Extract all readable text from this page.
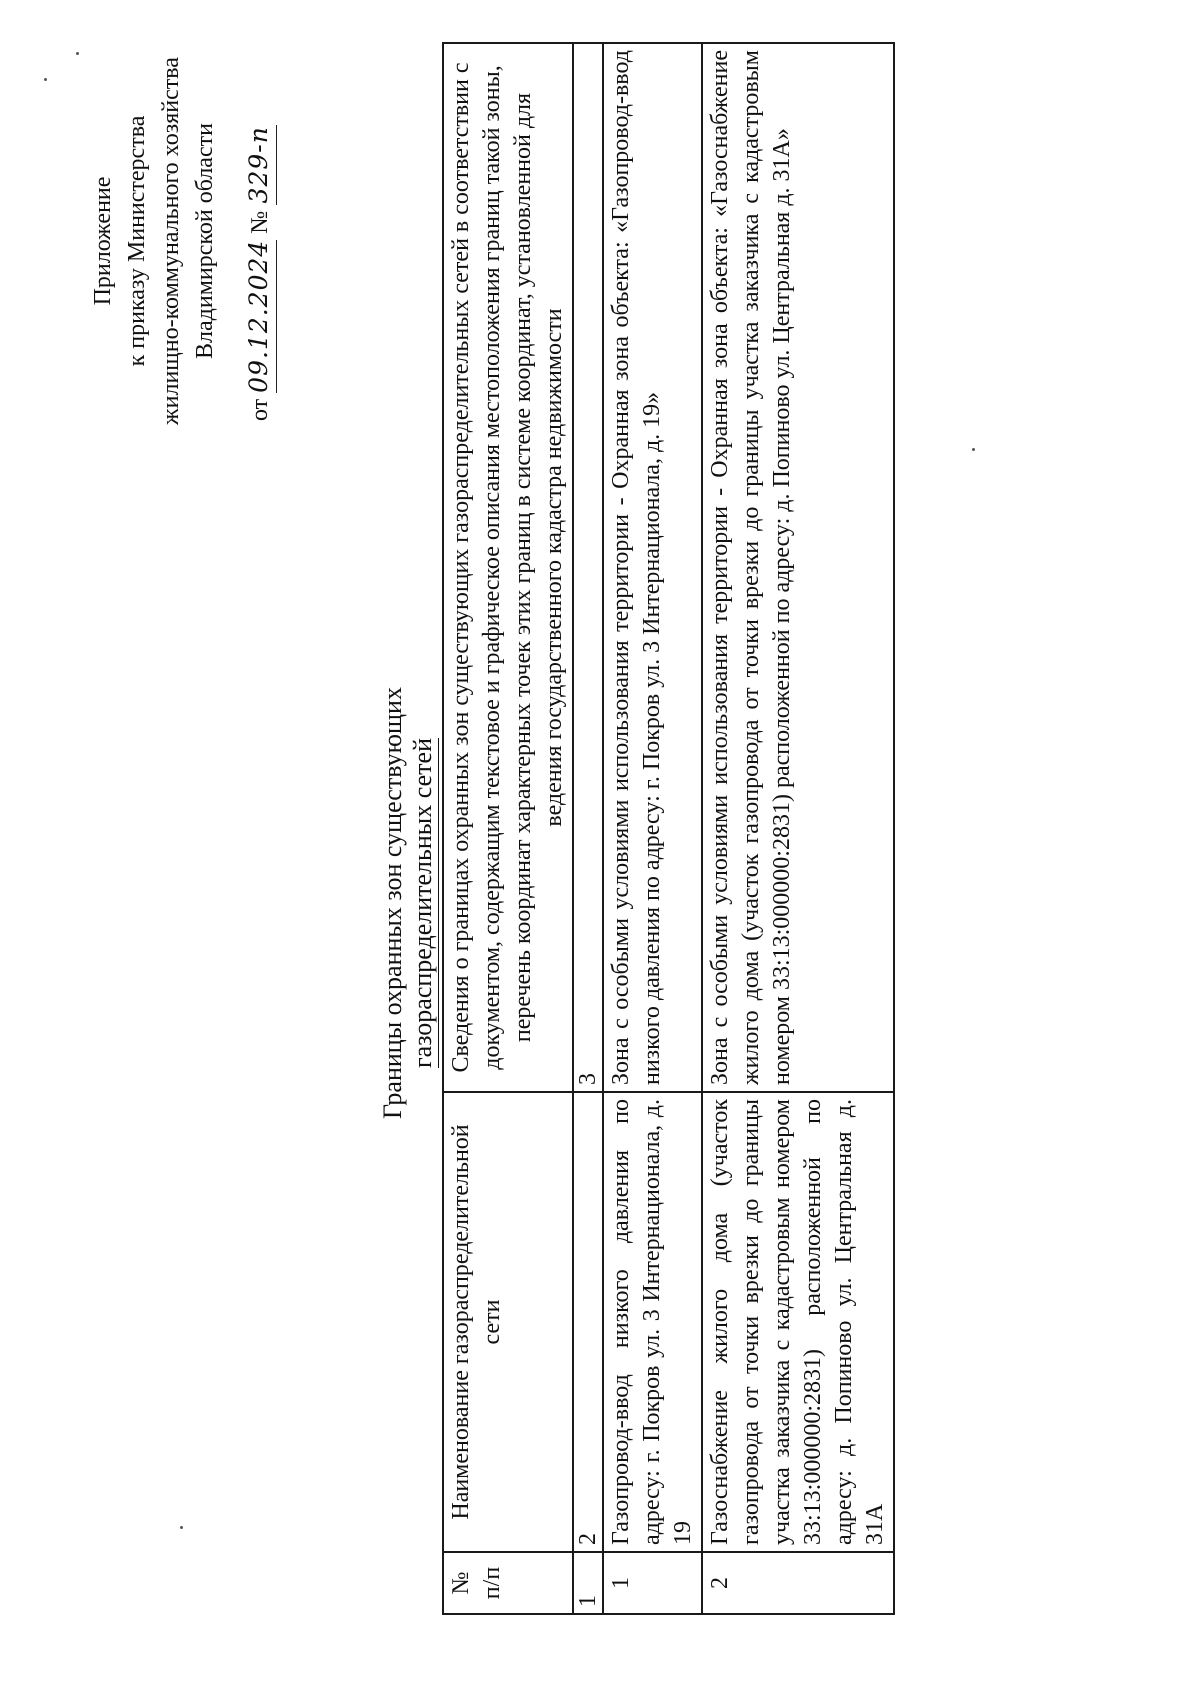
Приложение к приказу Министерства жилищно-коммунального хозяйства Владимирской области
от 09.12.2024 № 329-п
Границы охранных зон существующих газораспределительных сетей
№ п/п	Наименование газораспределительной сети	Сведения о границах охранных зон существующих газораспределительных сетей в соответствии с документом, содержащим текстовое и графическое описания местоположения границ такой зоны, перечень координат характерных точек этих границ в системе координат, установленной для ведения государственного кадастра недвижимости
1	2	3
1	Газопровод-ввод низкого давления по адресу: г. Покров ул. 3 Интернационала, д. 19	Зона с особыми условиями использования территории - Охранная зона объекта: «Газопровод-ввод низкого давления по адресу: г. Покров ул. 3 Интернационала, д. 19»
2	Газоснабжение жилого дома (участок газопровода от точки врезки до границы участка заказчика с кадастровым номером 33:13:000000:2831) расположенной по адресу: д. Попиново ул. Центральная д. 31А	Зона с особыми условиями использования территории - Охранная зона объекта: «Газоснабжение жилого дома (участок газопровода от точки врезки до границы участка заказчика с кадастровым номером 33:13:000000:2831) расположенной по адресу: д. Попиново ул. Центральная д. 31А»
